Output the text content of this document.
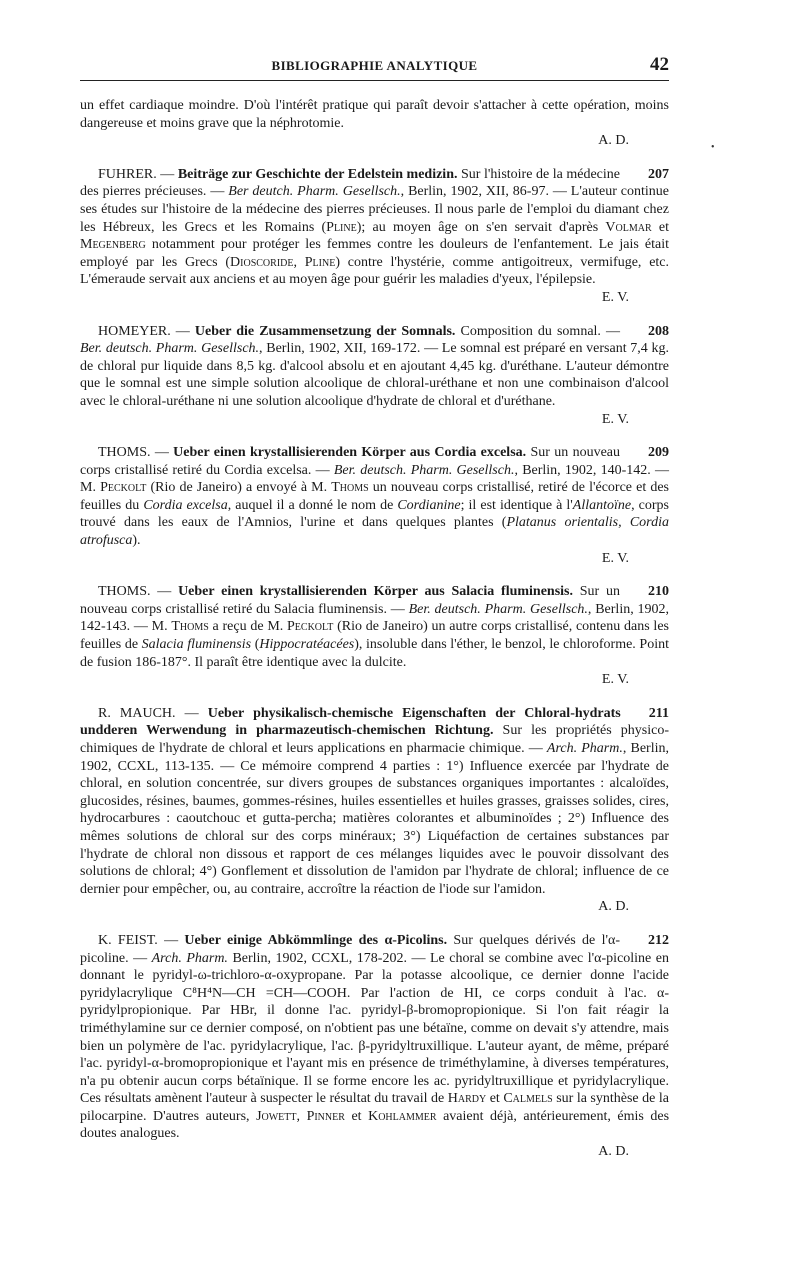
BIBLIOGRAPHIE ANALYTIQUE	42

un effet cardiaque moindre. D'où l'intérêt pratique qui paraît devoir s'attacher à cette opération, moins dangereuse et moins grave que la néphrotomie.

A. D.

207
FUHRER. — Beiträge zur Geschichte der Edelstein medizin. Sur l'histoire de la médecine des pierres précieuses. — Ber deutch. Pharm. Gesellsch., Berlin, 1902, XII, 86-97. — L'auteur continue ses études sur l'histoire de la médecine des pierres précieuses. Il nous parle de l'emploi du diamant chez les Hébreux, les Grecs et les Romains (Pline); au moyen âge on s'en servait d'après Volmar et Megenberg notamment pour protéger les femmes contre les douleurs de l'enfantement. Le jais était employé par les Grecs (Dioscoride, Pline) contre l'hystérie, comme antigoitreux, vermifuge, etc. L'émeraude servait aux anciens et au moyen âge pour guérir les maladies d'yeux, l'épilepsie.

E. V.

208
HOMEYER. — Ueber die Zusammensetzung der Somnals. Composition du somnal. — Ber. deutsch. Pharm. Gesellsch., Berlin, 1902, XII, 169-172. — Le somnal est préparé en versant 7,4 kg. de chloral pur liquide dans 8,5 kg. d'alcool absolu et en ajoutant 4,45 kg. d'uréthane. L'auteur démontre que le somnal est une simple solution alcoolique de chloral-uréthane et non une combinaison d'alcool avec le chloral-uréthane ni une solution alcoolique d'hydrate de chloral et d'uréthane.

E. V.

209
THOMS. — Ueber einen krystallisierenden Körper aus Cordia excelsa. Sur un nouveau corps cristallisé retiré du Cordia excelsa. — Ber. deutsch. Pharm. Gesellsch., Berlin, 1902, 140-142. — M. Peckolt (Rio de Janeiro) a envoyé à M. Thoms un nouveau corps cristallisé, retiré de l'écorce et des feuilles du Cordia excelsa, auquel il a donné le nom de Cordianine; il est identique à l'Allantoïne, corps trouvé dans les eaux de l'Amnios, l'urine et dans quelques plantes (Platanus orientalis, Cordia atrofusca).

E. V.

210
THOMS. — Ueber einen krystallisierenden Körper aus Salacia fluminensis. Sur un nouveau corps cristallisé retiré du Salacia fluminensis. — Ber. deutsch. Pharm. Gesellsch., Berlin, 1902, 142-143. — M. Thoms a reçu de M. Peckolt (Rio de Janeiro) un autre corps cristallisé, contenu dans les feuilles de Salacia fluminensis (Hippocratéacées), insoluble dans l'éther, le benzol, le chloroforme. Point de fusion 186-187°. Il paraît être identique avec la dulcite.

E. V.

211
R. MAUCH. — Ueber physikalisch-chemische Eigenschaften der Chloral-hydrats undderen Werwendung in pharmazeutisch-chemischen Richtung. Sur les propriétés physico-chimiques de l'hydrate de chloral et leurs applications en pharmacie chimique. — Arch. Pharm., Berlin, 1902, CCXL, 113-135. — Ce mémoire comprend 4 parties : 1°) Influence exercée par l'hydrate de chloral, en solution concentrée, sur divers groupes de substances organiques importantes : alcaloïdes, glucosides, résines, baumes, gommes-résines, huiles essentielles et huiles grasses, graisses solides, cires, hydrocarbures : caoutchouc et gutta-percha; matières colorantes et albuminoïdes ; 2°) Influence des mêmes solutions de chloral sur des corps minéraux; 3°) Liquéfaction de certaines substances par l'hydrate de chloral non dissous et rapport de ces mélanges liquides avec le pouvoir dissolvant des solutions de chloral; 4°) Gonflement et dissolution de l'amidon par l'hydrate de chloral; influence de ce dernier pour empêcher, ou, au contraire, accroître la réaction de l'iode sur l'amidon.

A. D.

212
K. FEIST. — Ueber einige Abkömmlinge des α-Picolins. Sur quelques dérivés de l'α-picoline. — Arch. Pharm. Berlin, 1902, CCXL, 178-202. — Le choral se combine avec l'α-picoline en donnant le pyridyl-ω-trichloro-α-oxypropane. Par la potasse alcoolique, ce dernier donne l'acide pyridylacrylique C⁸H⁴N—CH =CH—COOH. Par l'action de HI, ce corps conduit à l'ac. α-pyridylpropionique. Par HBr, il donne l'ac. pyridyl-β-bromopropionique. Si l'on fait réagir la triméthylamine sur ce dernier composé, on n'obtient pas une bétaïne, comme on devait s'y attendre, mais bien un polymère de l'ac. pyridylacrylique, l'ac. β-pyridyltruxillique. L'auteur ayant, de même, préparé l'ac. pyridyl-α-bromopropionique et l'ayant mis en présence de triméthylamine, à diverses températures, n'a pu obtenir aucun corps bétaïnique. Il se forme encore les ac. pyridyltruxillique et pyridylacrylique. Ces résultats amènent l'auteur à suspecter le résultat du travail de Hardy et Calmels sur la synthèse de la pilocarpine. D'autres auteurs, Jowett, Pinner et Kohlammer avaient déjà, antérieurement, émis des doutes analogues.

A. D.

•
